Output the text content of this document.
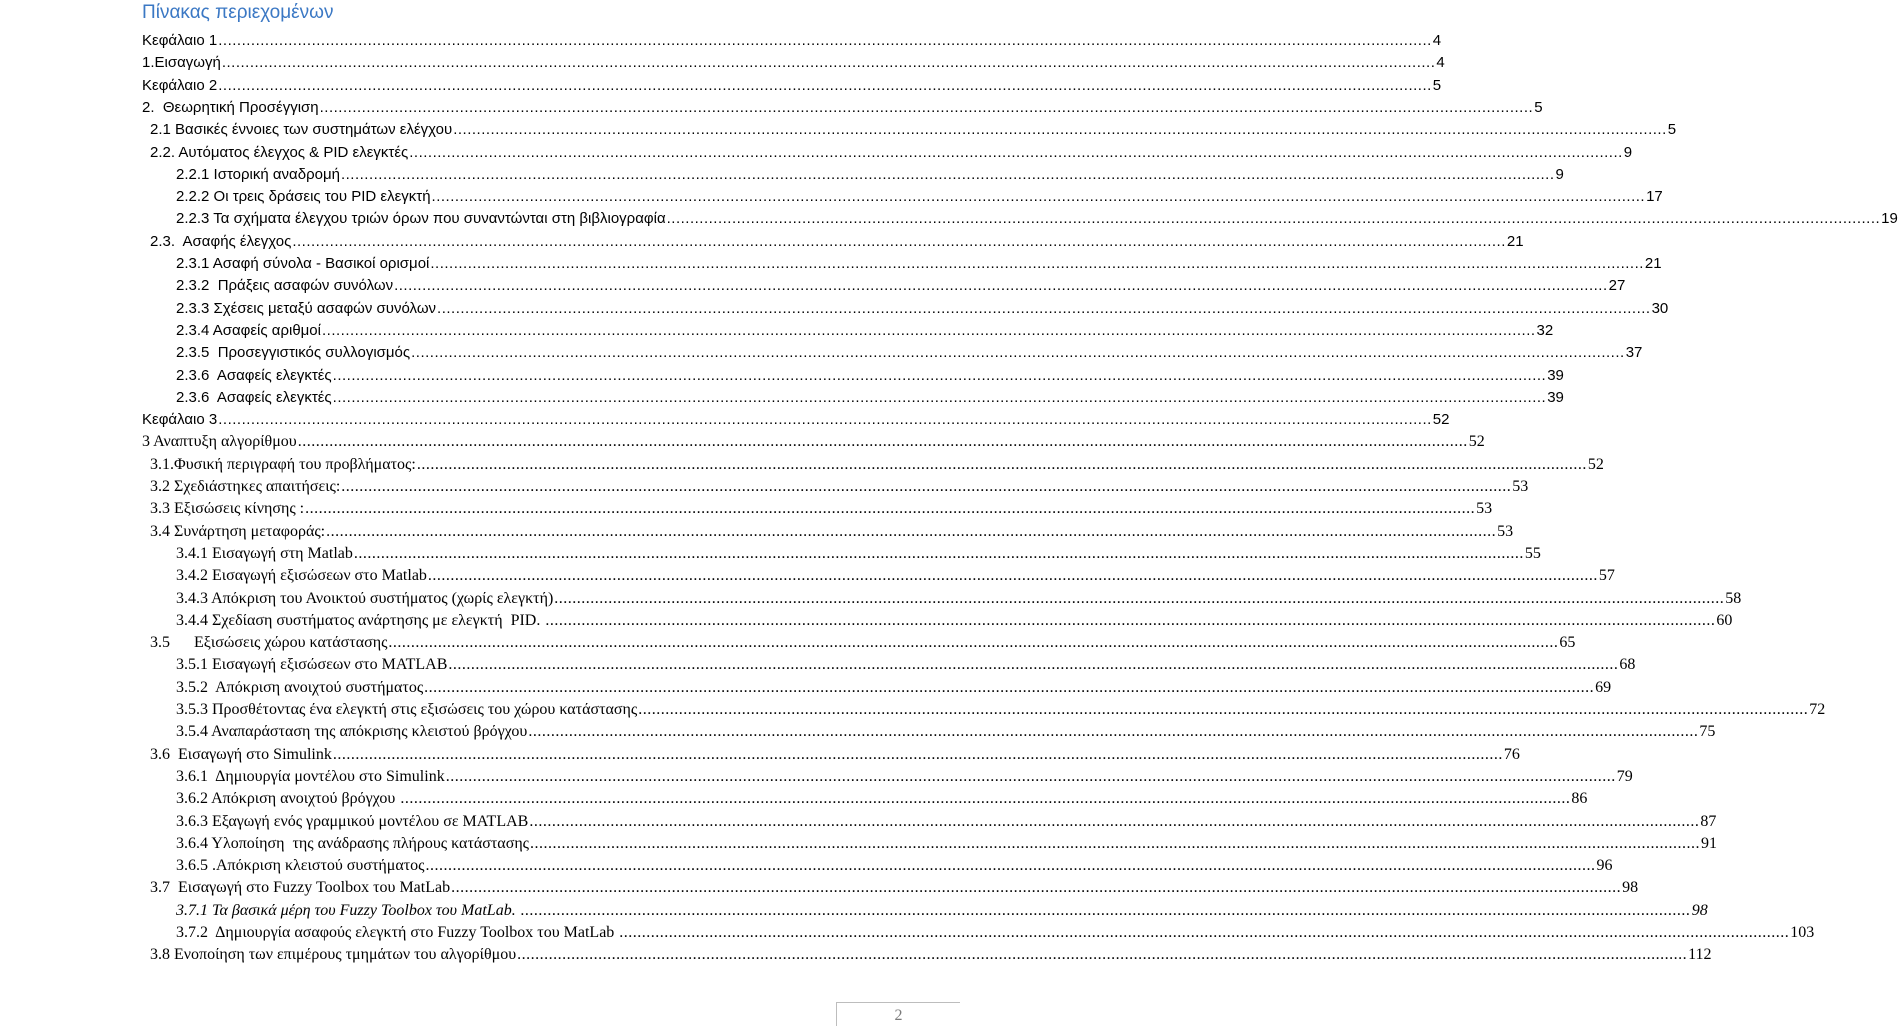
Πίνακας περιεχομένων
Κεφάλαιο 1 .................................................................................................................................................................................................................................................................... 4
1.Εισαγωγή .................................................................................................................................................................................................................................................................... 4
Κεφάλαιο 2 .................................................................................................................................................................................................................................................................... 5
2.  Θεωρητική Προσέγγιση .................................................................................................................................................................................................................................................................... 5
2.1 Βασικές έννοιες των συστημάτων ελέγχου .................................................................................................................................................................................................................................................................... 5
2.2. Αυτόματος έλεγχος & PID ελεγκτές .................................................................................................................................................................................................................................................................... 9
2.2.1 Ιστορική αναδρομή .................................................................................................................................................................................................................................................................... 9
2.2.2 Οι τρεις δράσεις του PID ελεγκτή .................................................................................................................................................................................................................................................................... 17
2.2.3 Τα σχήματα έλεγχου τριών όρων που συναντώνται στη βιβλιογραφία .................................................................................................................................................................................................................................................................... 19
2.3.  Ασαφής έλεγχος .................................................................................................................................................................................................................................................................... 21
2.3.1 Ασαφή σύνολα - Βασικοί ορισμοί .................................................................................................................................................................................................................................................................... 21
2.3.2  Πράξεις ασαφών συνόλων .................................................................................................................................................................................................................................................................... 27
2.3.3 Σχέσεις μεταξύ ασαφών συνόλων .................................................................................................................................................................................................................................................................... 30
2.3.4 Ασαφείς αριθμοί .................................................................................................................................................................................................................................................................... 32
2.3.5  Προσεγγιστικός συλλογισμός .................................................................................................................................................................................................................................................................... 37
2.3.6  Ασαφείς ελεγκτές .................................................................................................................................................................................................................................................................... 39
2.3.6  Ασαφείς ελεγκτές .................................................................................................................................................................................................................................................................... 39
Κεφάλαιο 3 .................................................................................................................................................................................................................................................................... 52
3 Αναπτυξη αλγορίθμου .................................................................................................................................................................................................................................................................... 52
3.1.Φυσική περιγραφή του προβλήματος: .................................................................................................................................................................................................................................................................... 52
3.2 Σχεδιάστηκες απαιτήσεις: .................................................................................................................................................................................................................................................................... 53
3.3 Εξισώσεις κίνησης : .................................................................................................................................................................................................................................................................... 53
3.4 Συνάρτηση μεταφοράς: .................................................................................................................................................................................................................................................................... 53
3.4.1 Εισαγωγή στη Matlab .................................................................................................................................................................................................................................................................... 55
3.4.2 Εισαγωγή εξισώσεων στο Matlab .................................................................................................................................................................................................................................................................... 57
3.4.3 Απόκριση του Ανοικτού συστήματος (χωρίς ελεγκτή) .................................................................................................................................................................................................................................................................... 58
3.4.4 Σχεδίαση συστήματος ανάρτησης με ελεγκτή  PID. .................................................................................................................................................................................................................................................................... 60
3.5      Εξισώσεις χώρου κατάστασης .................................................................................................................................................................................................................................................................... 65
3.5.1 Εισαγωγή εξισώσεων στο MATLAB .................................................................................................................................................................................................................................................................... 68
3.5.2  Απόκριση ανοιχτού συστήματος .................................................................................................................................................................................................................................................................... 69
3.5.3 Προσθέτοντας ένα ελεγκτή στις εξισώσεις του χώρου κατάστασης .................................................................................................................................................................................................................................................................... 72
3.5.4 Αναπαράσταση της απόκρισης κλειστού βρόγχου .................................................................................................................................................................................................................................................................... 75
3.6  Εισαγωγή στο Simulink .................................................................................................................................................................................................................................................................... 76
3.6.1  Δημιουργία μοντέλου στο Simulink .................................................................................................................................................................................................................................................................... 79
3.6.2 Απόκριση ανοιχτού βρόγχου .................................................................................................................................................................................................................................................................... 86
3.6.3 Εξαγωγή ενός γραμμικού μοντέλου σε MATLAB .................................................................................................................................................................................................................................................................... 87
3.6.4 Υλοποίηση  της ανάδρασης πλήρους κατάστασης .................................................................................................................................................................................................................................................................... 91
3.6.5 .Απόκριση κλειστού συστήματος .................................................................................................................................................................................................................................................................... 96
3.7  Εισαγωγή στο Fuzzy Toolbox του MatLab .................................................................................................................................................................................................................................................................... 98
3.7.1 Τα βασικά μέρη του Fuzzy Toolbox του MatLab. .................................................................................................................................................................................................................................................................... 98
3.7.2  Δημιουργία ασαφούς ελεγκτή στο Fuzzy Toolbox του MatLab .................................................................................................................................................................................................................................................................... 103
3.8 Ενοποίηση των επιμέρους τμημάτων του αλγορίθμου .................................................................................................................................................................................................................................................................... 112
2
